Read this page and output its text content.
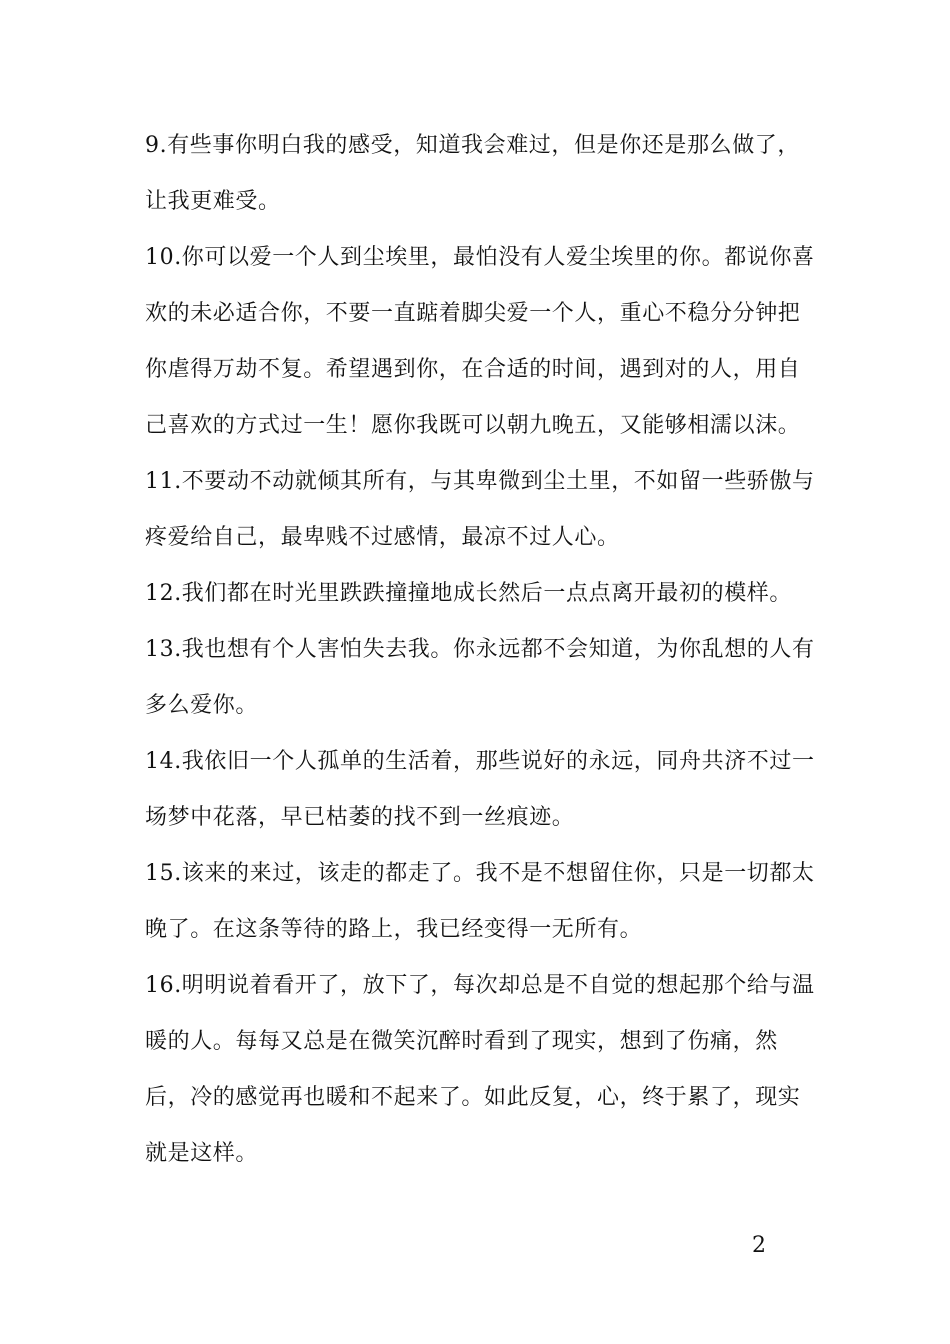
9.有些事你明白我的感受，知道我会难过，但是你还是那么做了，
让我更难受。
10.你可以爱一个人到尘埃里，最怕没有人爱尘埃里的你。都说你喜
欢的未必适合你，不要一直踮着脚尖爱一个人，重心不稳分分钟把
你虐得万劫不复。希望遇到你，在合适的时间，遇到对的人，用自
己喜欢的方式过一生！愿你我既可以朝九晚五，又能够相濡以沫。
11.不要动不动就倾其所有，与其卑微到尘土里，不如留一些骄傲与
疼爱给自己，最卑贱不过感情，最凉不过人心。
12.我们都在时光里跌跌撞撞地成长然后一点点离开最初的模样。
13.我也想有个人害怕失去我。你永远都不会知道，为你乱想的人有
多么爱你。
14.我依旧一个人孤单的生活着，那些说好的永远，同舟共济不过一
场梦中花落，早已枯萎的找不到一丝痕迹。
15.该来的来过，该走的都走了。我不是不想留住你，只是一切都太
晚了。在这条等待的路上，我已经变得一无所有。
16.明明说着看开了，放下了，每次却总是不自觉的想起那个给与温
暖的人。每每又总是在微笑沉醉时看到了现实，想到了伤痛，然
后，冷的感觉再也暖和不起来了。如此反复，心，终于累了，现实
就是这样。
2
